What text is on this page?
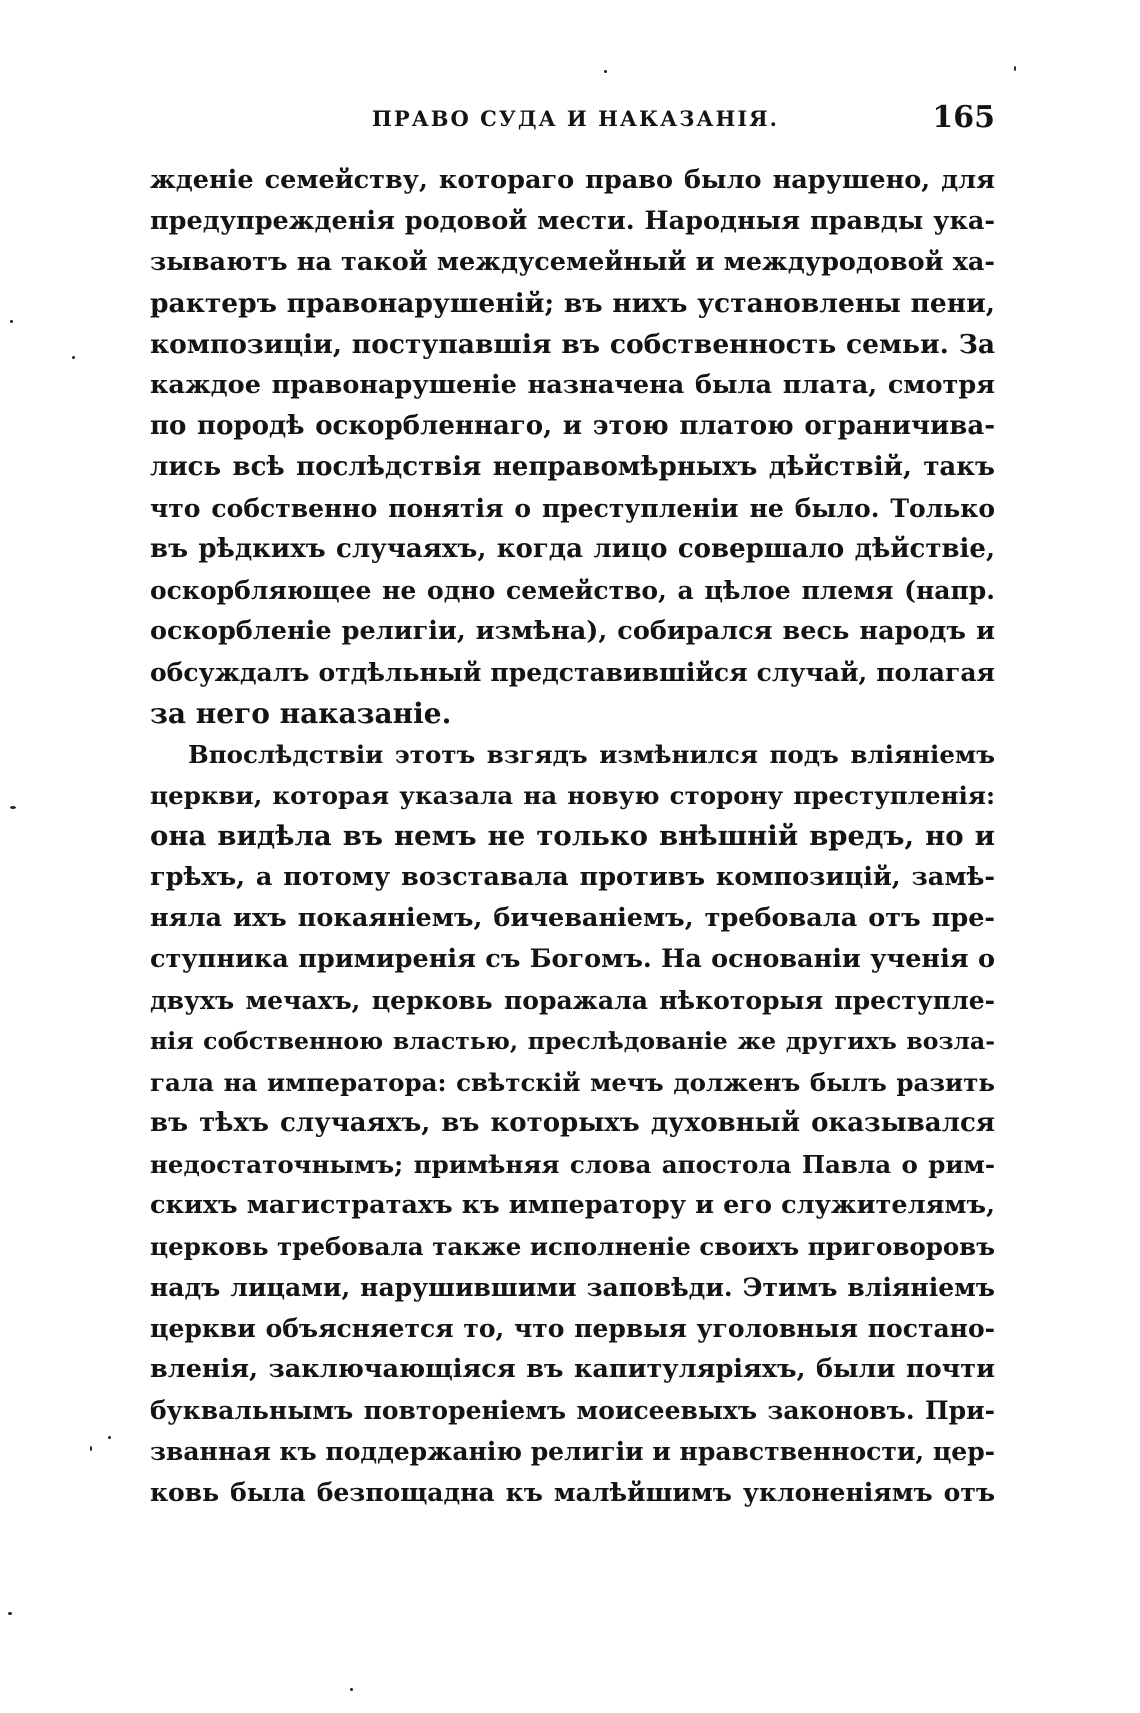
ПРАВО СУДА И НАКАЗАНІЯ.	165
жденіе семейству, котораго право было нарушено, для
предупрежденія родовой мести. Народныя правды ука-
зываютъ на такой междусемейный и междуродовой ха-
рактеръ правонарушеній; въ нихъ установлены пени,
композиціи, поступавшія въ собственность семьи. За
каждое правонарушеніе назначена была плата, смотря
по породѣ оскорбленнаго, и этою платою ограничива-
лись всѣ послѣдствія неправомѣрныхъ дѣйствій, такъ
что собственно понятія о преступленіи не было. Только
въ рѣдкихъ случаяхъ, когда лицо совершало дѣйствіе,
оскорбляющее не одно семейство, а цѣлое племя (напр.
оскорбленіе религіи, измѣна), собирался весь народъ и
обсуждалъ отдѣльный представившійся случай, полагая
за него наказаніе.
Впослѣдствіи этотъ взгядъ измѣнился подъ вліяніемъ
церкви, которая указала на новую сторону преступленія:
она видѣла въ немъ не только внѣшній вредъ, но и
грѣхъ, а потому возставала противъ композицій, замѣ-
няла ихъ покаяніемъ, бичеваніемъ, требовала отъ пре-
ступника примиренія съ Богомъ. На основаніи ученія о
двухъ мечахъ, церковь поражала нѣкоторыя преступле-
нія собственною властью, преслѣдованіе же другихъ возла-
гала на императора: свѣтскій мечъ долженъ былъ разить
въ тѣхъ случаяхъ, въ которыхъ духовный оказывался
недостаточнымъ; примѣняя слова апостола Павла о рим-
скихъ магистратахъ къ императору и его служителямъ,
церковь требовала также исполненіе своихъ приговоровъ
надъ лицами, нарушившими заповѣди. Этимъ вліяніемъ
церкви объясняется то, что первыя уголовныя постано-
вленія, заключающіяся въ капитуляріяхъ, были почти
буквальнымъ повтореніемъ моисеевыхъ законовъ. При-
званная къ поддержанію религіи и нравственности, цер-
ковь была безпощадна къ малѣйшимъ уклоненіямъ отъ
